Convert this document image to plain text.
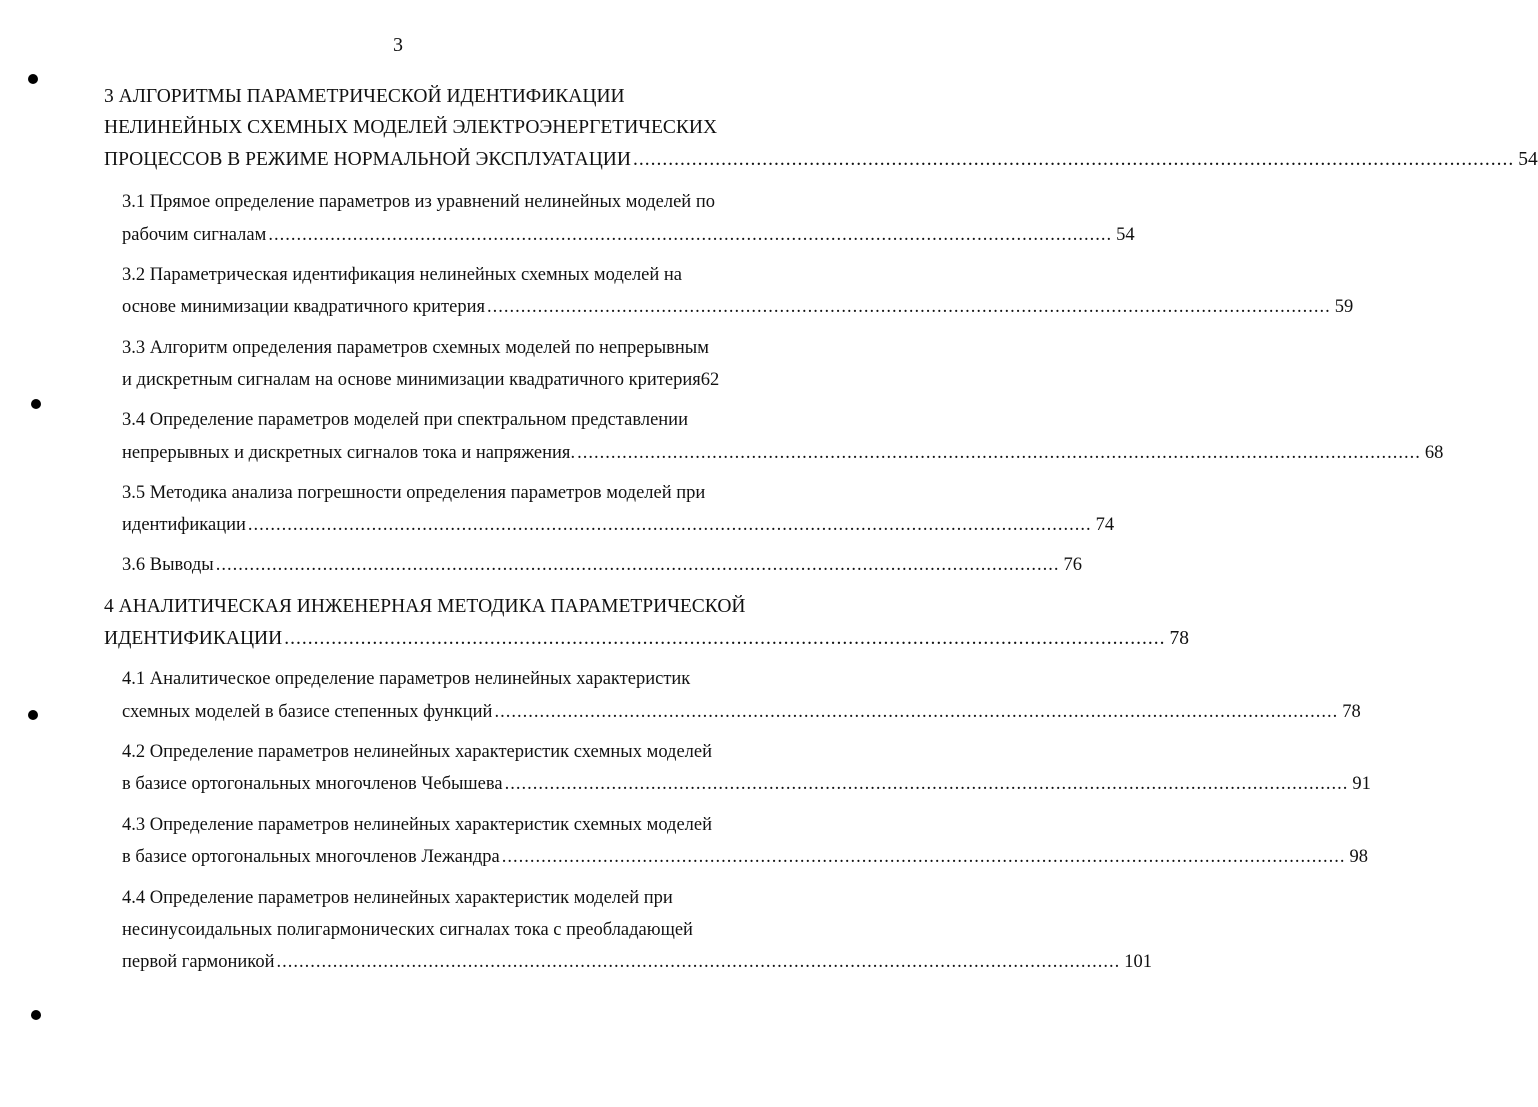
3
3 АЛГОРИТМЫ ПАРАМЕТРИЧЕСКОЙ ИДЕНТИФИКАЦИИ
НЕЛИНЕЙНЫХ СХЕМНЫХ МОДЕЛЕЙ ЭЛЕКТРОЭНЕРГЕТИЧЕСКИХ
ПРОЦЕССОВ В РЕЖИМЕ НОРМАЛЬНОЙ ЭКСПЛУАТАЦИИ ...................................................................................................................................................... 54
3.1 Прямое определение параметров из уравнений нелинейных моделей по
рабочим сигналам ...................................................................................................................................................... 54
3.2 Параметрическая идентификация нелинейных схемных моделей на
основе минимизации квадратичного критерия ...................................................................................................................................................... 59
3.3 Алгоритм определения параметров схемных моделей по непрерывным
и дискретным сигналам на основе минимизации квадратичного критерия 62
3.4 Определение параметров моделей при спектральном представлении
непрерывных и дискретных сигналов тока и напряжения. ...................................................................................................................................................... 68
3.5 Методика анализа погрешности определения параметров моделей при
идентификации ...................................................................................................................................................... 74
3.6 Выводы ...................................................................................................................................................... 76
4 АНАЛИТИЧЕСКАЯ ИНЖЕНЕРНАЯ МЕТОДИКА ПАРАМЕТРИЧЕСКОЙ
ИДЕНТИФИКАЦИИ ...................................................................................................................................................... 78
4.1 Аналитическое определение параметров нелинейных характеристик
схемных моделей в базисе степенных функций ...................................................................................................................................................... 78
4.2 Определение параметров нелинейных характеристик схемных моделей
в базисе ортогональных многочленов Чебышева ...................................................................................................................................................... 91
4.3 Определение параметров нелинейных характеристик схемных моделей
в базисе ортогональных многочленов Лежандра ...................................................................................................................................................... 98
4.4 Определение параметров нелинейных характеристик моделей при
несинусоидальных полигармонических сигналах тока с преобладающей
первой гармоникой ...................................................................................................................................................... 101
